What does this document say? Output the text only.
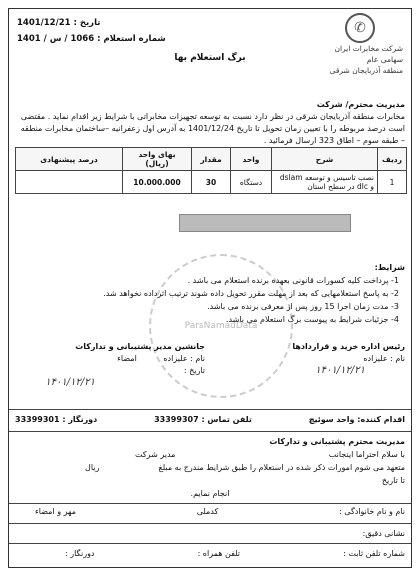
تاریخ : 1401/12/21
شماره استعلام : 1066 / س / 1401
✆
شرکت مخابرات ایران
سهامی عام
منطقه آذربایجان شرقی
برگ استعلام بها
مدیریت محترم/ شرکت
مخابرات منطقه آذربایجان شرقی در نظر دارد نسبت به توسعه تجهیزات مخابراتی با شرایط زیر اقدام نماید . مقتضی است درصد مربوطه را با تعیین زمان تحویل تا تاریخ 1401/12/24 به آدرس اول زعفرانیه –ساختمان مخابرات منطقه – طبقه سوم – اطاق 323 ارسال فرمائید .
ردیف	شرح	واحد	مقدار	بهای واحد (ریال)	درصد پیشنهادی
1	نصب تاسیس و توسعه dslam و dlc در سطح استان	دستگاه	30	10.000.000	
ParsNamadData
شرایط:
1- پرداخت کلیه کسورات قانونی بعهده برنده استعلام می باشد .
2- به پاسخ استعلامهایی که بعد از مهلت مقرر تحویل داده شوند ترتیب اثرداده نخواهد شد.
3- مدت زمان اجرا 15 روز پس از معرفی برنده می باشد.
4- جزئیات شرایط به پیوست برگ استعلام می باشد.
رئیس اداره خرید و قراردادها
نام : علیزاده
۱۴۰۱/۱۲/۲۱
جانشین مدیر پشتیبانی و تدارکات
نام : علیزاده امضاء
تاریخ :
۱۴۰۱/۱۲/۲۱
اقدام کننده: واحد سوئیچ
تلفن تماس : 33399307
دورنگار : 33399301
مدیریت محترم پشتیبانی و تدارکات
با سلام احتراما اینجانب
مدیر شرکت
متعهد می شوم امورات ذکر شده در استعلام را طبق شرایط مندرج به مبلغ
ریال
تا تاریخ
انجام نمایم.
نام و نام خانوادگی :
کدملی
مهر و امضاء
نشانی دقیق:
شماره تلفن ثابت :
تلفن همراه :
دورنگار :
